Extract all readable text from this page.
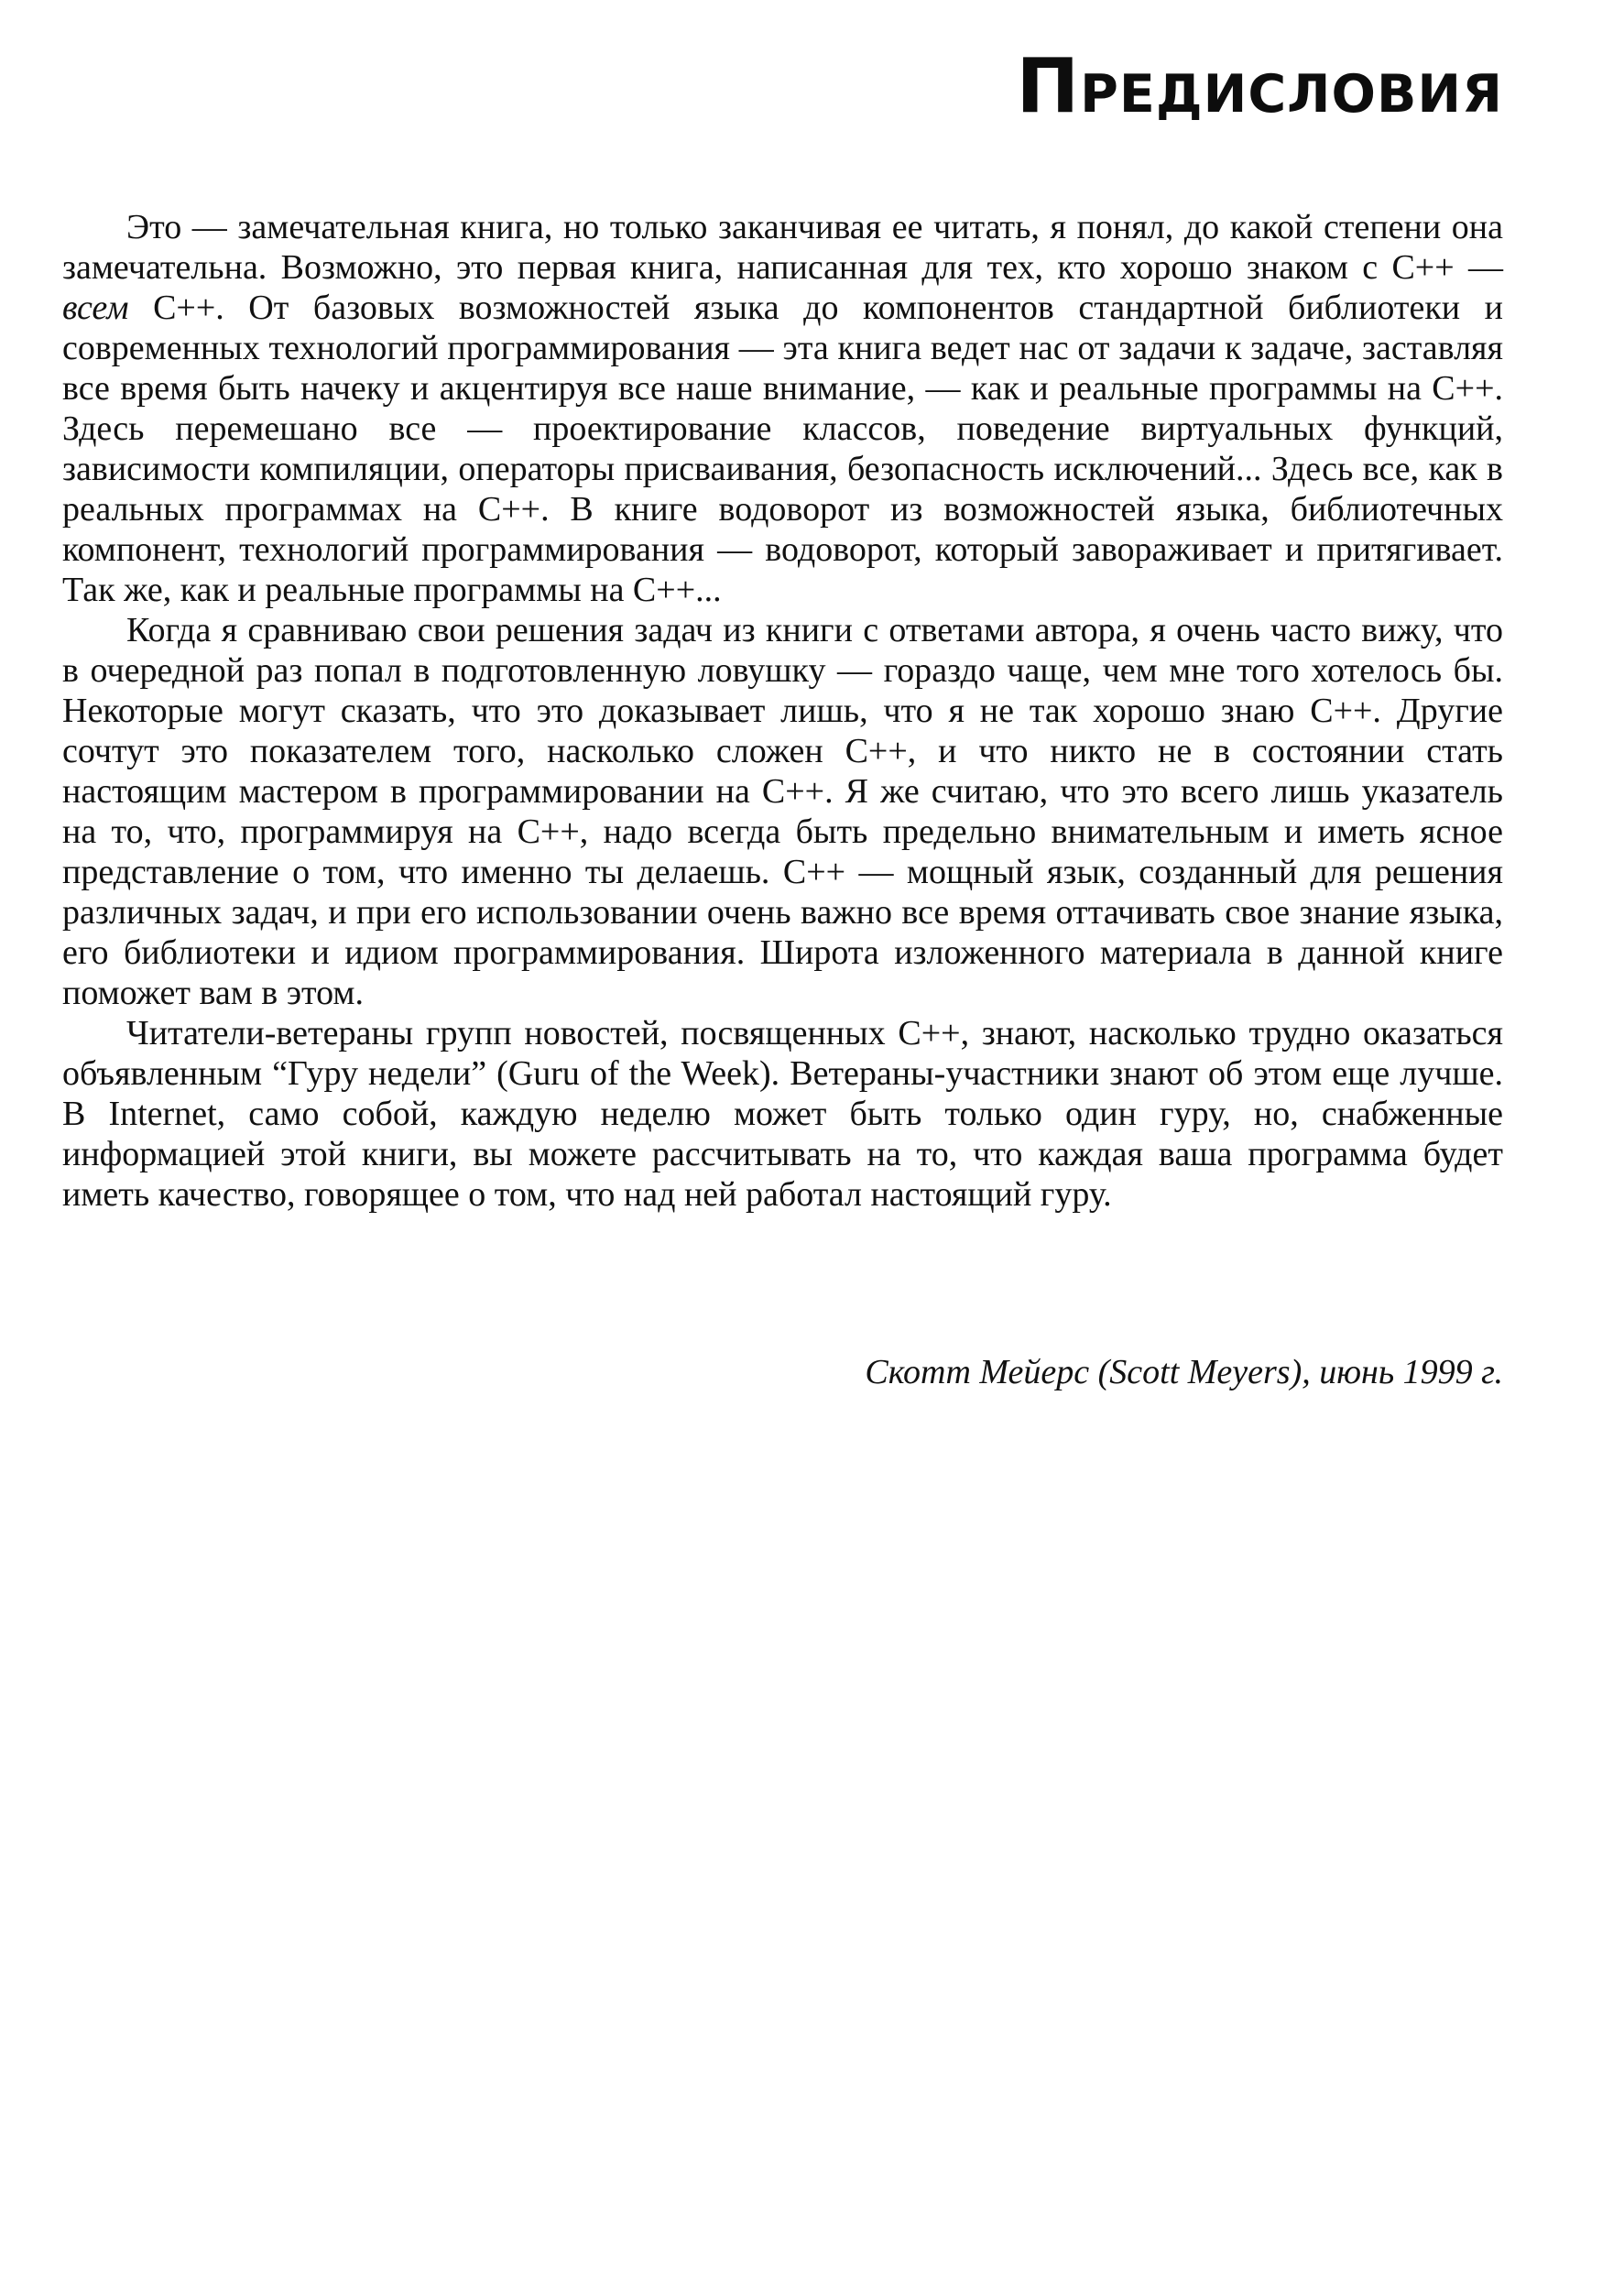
Предисловия

Это — замечательная книга, но только заканчивая ее читать, я понял, до какой степени она замечательна. Возможно, это первая книга, написанная для тех, кто хорошо знаком с C++ — всем C++. От базовых возможностей языка до компонентов стандартной библиотеки и современных технологий программирования — эта книга ведет нас от задачи к задаче, заставляя все время быть начеку и акцентируя все наше внимание, — как и реальные программы на C++. Здесь перемешано все — проектирование классов, поведение виртуальных функций, зависимости компиляции, операторы присваивания, безопасность исключений... Здесь все, как в реальных программах на C++. В книге водоворот из возможностей языка, библиотечных компонент, технологий программирования — водоворот, который завораживает и притягивает. Так же, как и реальные программы на C++...

Когда я сравниваю свои решения задач из книги с ответами автора, я очень часто вижу, что в очередной раз попал в подготовленную ловушку — гораздо чаще, чем мне того хотелось бы. Некоторые могут сказать, что это доказывает лишь, что я не так хорошо знаю C++. Другие сочтут это показателем того, насколько сложен C++, и что никто не в состоянии стать настоящим мастером в программировании на C++. Я же считаю, что это всего лишь указатель на то, что, программируя на C++, надо всегда быть предельно внимательным и иметь ясное представление о том, что именно ты делаешь. C++ — мощный язык, созданный для решения различных задач, и при его использовании очень важно все время оттачивать свое знание языка, его библиотеки и идиом программирования. Широта изложенного материала в данной книге поможет вам в этом.

Читатели-ветераны групп новостей, посвященных C++, знают, насколько трудно оказаться объявленным “Гуру недели” (Guru of the Week). Ветераны-участники знают об этом еще лучше. В Internet, само собой, каждую неделю может быть только один гуру, но, снабженные информацией этой книги, вы можете рассчитывать на то, что каждая ваша программа будет иметь качество, говорящее о том, что над ней работал настоящий гуру.

Скотт Мейерс (Scott Meyers), июнь 1999 г.
